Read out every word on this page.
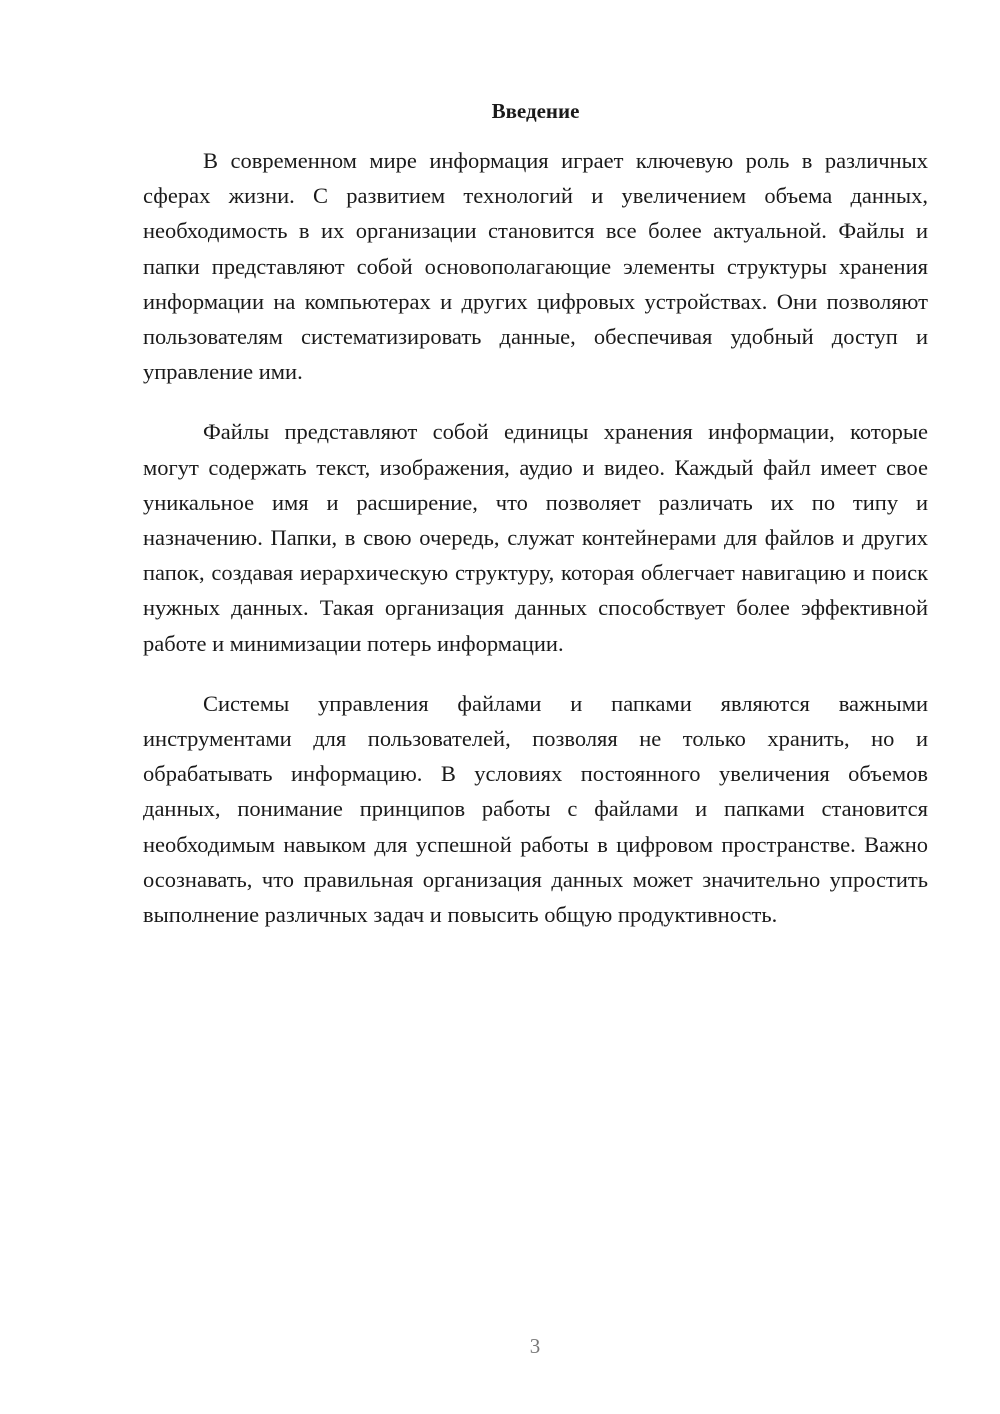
Введение

В современном мире информация играет ключевую роль в различных сферах жизни. С развитием технологий и увеличением объема данных, необходимость в их организации становится все более актуальной. Файлы и папки представляют собой основополагающие элементы структуры хранения информации на компьютерах и других цифровых устройствах. Они позволяют пользователям систематизировать данные, обеспечивая удобный доступ и управление ими.

Файлы представляют собой единицы хранения информации, которые могут содержать текст, изображения, аудио и видео. Каждый файл имеет свое уникальное имя и расширение, что позволяет различать их по типу и назначению. Папки, в свою очередь, служат контейнерами для файлов и других папок, создавая иерархическую структуру, которая облегчает навигацию и поиск нужных данных. Такая организация данных способствует более эффективной работе и минимизации потерь информации.

Системы управления файлами и папками являются важными инструментами для пользователей, позволяя не только хранить, но и обрабатывать информацию. В условиях постоянного увеличения объемов данных, понимание принципов работы с файлами и папками становится необходимым навыком для успешной работы в цифровом пространстве. Важно осознавать, что правильная организация данных может значительно упростить выполнение различных задач и повысить общую продуктивность.

3
